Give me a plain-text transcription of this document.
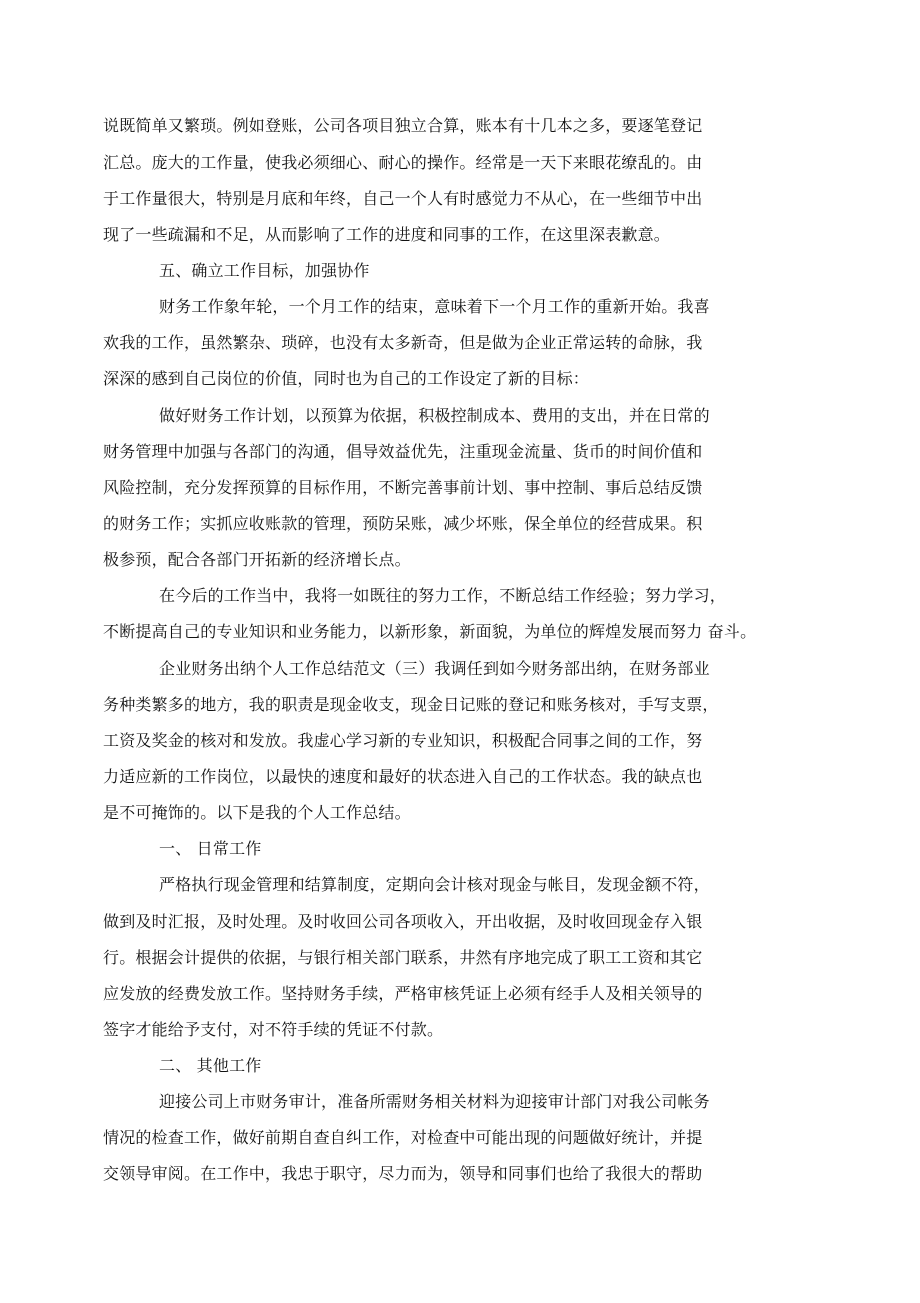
说既简单又繁琐。例如登账，公司各项目独立合算，账本有十几本之多，要逐笔登记
汇总。庞大的工作量，使我必须细心、耐心的操作。经常是一天下来眼花缭乱的。由
于工作量很大，特别是月底和年终，自己一个人有时感觉力不从心，在一些细节中出
现了一些疏漏和不足，从而影响了工作的进度和同事的工作，在这里深表歉意。
五、确立工作目标，加强协作
财务工作象年轮，一个月工作的结束，意味着下一个月工作的重新开始。我喜
欢我的工作，虽然繁杂、琐碎，也没有太多新奇，但是做为企业正常运转的命脉，我
深深的感到自己岗位的价值，同时也为自己的工作设定了新的目标：
做好财务工作计划，以预算为依据，积极控制成本、费用的支出，并在日常的
财务管理中加强与各部门的沟通，倡导效益优先，注重现金流量、货币的时间价值和
风险控制，充分发挥预算的目标作用，不断完善事前计划、事中控制、事后总结反馈
的财务工作；实抓应收账款的管理，预防呆账，减少坏账，保全单位的经营成果。积
极参预，配合各部门开拓新的经济增长点。
在今后的工作当中，我将一如既往的努力工作，不断总结工作经验；努力学习，
不断提高自己的专业知识和业务能力，以新形象，新面貌，为单位的辉煌发展而努力 奋斗。
企业财务出纳个人工作总结范文（三）我调任到如今财务部出纳，在财务部业
务种类繁多的地方，我的职责是现金收支，现金日记账的登记和账务核对，手写支票，
工资及奖金的核对和发放。我虚心学习新的专业知识，积极配合同事之间的工作，努
力适应新的工作岗位，以最快的速度和最好的状态进入自己的工作状态。我的缺点也
是不可掩饰的。以下是我的个人工作总结。
一、 日常工作
严格执行现金管理和结算制度，定期向会计核对现金与帐目，发现金额不符，
做到及时汇报，及时处理。及时收回公司各项收入，开出收据，及时收回现金存入银
行。根据会计提供的依据，与银行相关部门联系，井然有序地完成了职工工资和其它
应发放的经费发放工作。坚持财务手续，严格审核凭证上必须有经手人及相关领导的
签字才能给予支付，对不符手续的凭证不付款。
二、 其他工作
迎接公司上市财务审计，准备所需财务相关材料为迎接审计部门对我公司帐务
情况的检查工作，做好前期自查自纠工作，对检查中可能出现的问题做好统计，并提
交领导审阅。在工作中，我忠于职守，尽力而为，领导和同事们也给了我很大的帮助
